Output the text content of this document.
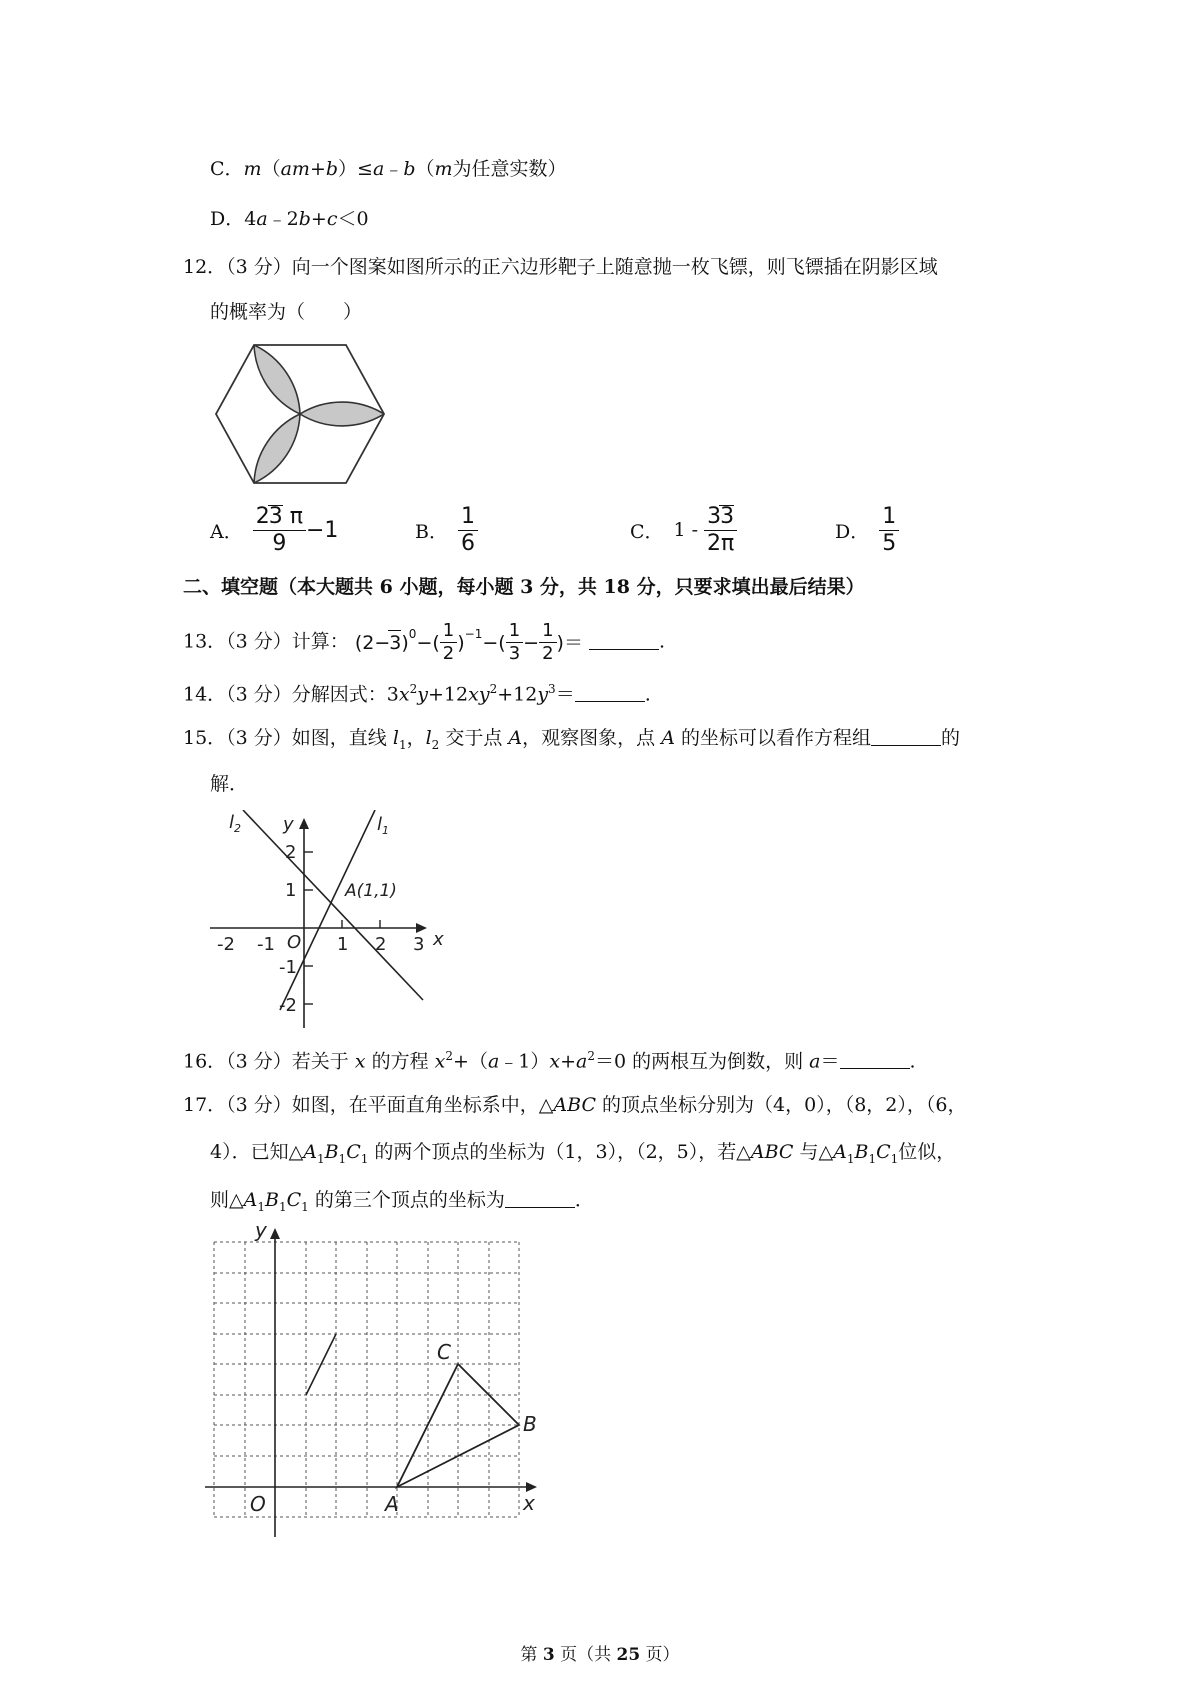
C．m（am+b）≤a﹣b（m为任意实数）
D．4a﹣2b+c＜0
12．（3 分）向一个图案如图所示的正六边形靶子上随意抛一枚飞镖，则飞镖插在阴影区域
的概率为（　　）
A． $\frac{23 \pi}{9} -1$	B． $\frac{1}{6}$	C． $1 - \frac{33}{2\pi}$	D． $\frac{1}{5}$
二、填空题（本大题共 6 小题，每小题 3 分，共 18 分，只要求填出最后结果）
13．（3 分）计算： (2− 3 )$^0$ −( $\frac{1}{2} )^{-1}$ −( $\frac{1}{3} - \frac{1}{2}$ )＝	.
14．（3 分）分解因式：$3x^2y+12xy^2+12y^3=$	.
15．（3 分）如图，直线 $l_1$，$l_2$ 交于点 A，观察图象，点 A 的坐标可以看作方程组	的
解．
$l_2$	$l_1$
y
x
O
A(1,1)
-2 -1	1 2 3
2
1
-1
-2
16．（3 分）若关于 x 的方程 $x^2+(a﹣1)x+a^2=0$ 的两根互为倒数，则 a＝	.
17．（3 分）如图，在平面直角坐标系中，△ABC 的顶点坐标分别为（4，0），（8，2），（6，
4）．已知$\triangle A_1B_1C_1$ 的两个顶点的坐标为（1，3），（2，5），若△ABC 与$\triangle A_1B_1C_1$位似，
则$\triangle A_1B_1C_1$ 的第三个顶点的坐标为	．
y
x
O	A
B
C
第 3 页（共 25 页）
